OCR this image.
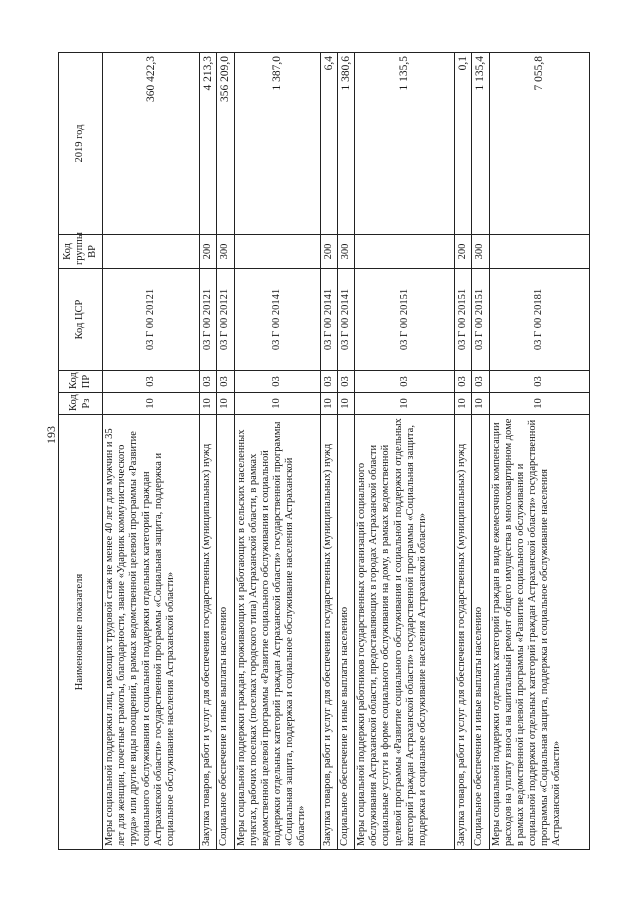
193
Наименование показателя	Код Рз	Код ПР	Код ЦСР	Код группы ВР	2019 год
Меры социальной поддержки лиц, имеющих трудовой стаж не менее 40 лет для мужчин и 35 лет для женщин, почетные грамоты, благодарности, звание «Ударник коммунистического труда» или другие виды поощрений, в рамках ведомственной целевой программы «Развитие социального обслуживания и социальной поддержки отдельных категорий граждан Астраханской области» государственной программы «Социальная защита, поддержка и социальное обслуживание населения Астраханской области»	10	03	03 Г 00 20121		360 422,3
Закупка товаров, работ и услуг для обеспечения государственных (муниципальных) нужд	10	03	03 Г 00 20121	200	4 213,3
Социальное обеспечение и иные выплаты населению	10	03	03 Г 00 20121	300	356 209,0
Меры социальной поддержки граждан, проживающих и работающих в сельских населенных пунктах, рабочих поселках (поселках городского типа) Астраханской области, в рамках ведомственной целевой программы «Развитие социального обслуживания и социальной поддержки отдельных категорий граждан Астраханской области» государственной программы «Социальная защита, поддержка и социальное обслуживание населения Астраханской области»	10	03	03 Г 00 20141		1 387,0
Закупка товаров, работ и услуг для обеспечения государственных (муниципальных) нужд	10	03	03 Г 00 20141	200	6,4
Социальное обеспечение и иные выплаты населению	10	03	03 Г 00 20141	300	1 380,6
Меры социальной поддержки работников государственных организаций социального обслуживания Астраханской области, предоставляющих в городах Астраханской области социальные услуги в форме социального обслуживания на дому, в рамках ведомственной целевой программы «Развитие социального обслуживания и социальной поддержки отдельных категорий граждан Астраханской области» государственной программы «Социальная защита, поддержка и социальное обслуживание населения Астраханской области»	10	03	03 Г 00 20151		1 135,5
Закупка товаров, работ и услуг для обеспечения государственных (муниципальных) нужд	10	03	03 Г 00 20151	200	0,1
Социальное обеспечение и иные выплаты населению	10	03	03 Г 00 20151	300	1 135,4
Меры социальной поддержки отдельных категорий граждан в виде ежемесячной компенсации расходов на уплату взноса на капитальный ремонт общего имущества в многоквартирном доме в рамках ведомственной целевой программы «Развитие социального обслуживания и социальной поддержки отдельных категорий граждан Астраханской области» государственной программы «Социальная защита, поддержка и социальное обслуживание населения Астраханской области»	10	03	03 Г 00 20181		7 055,8
